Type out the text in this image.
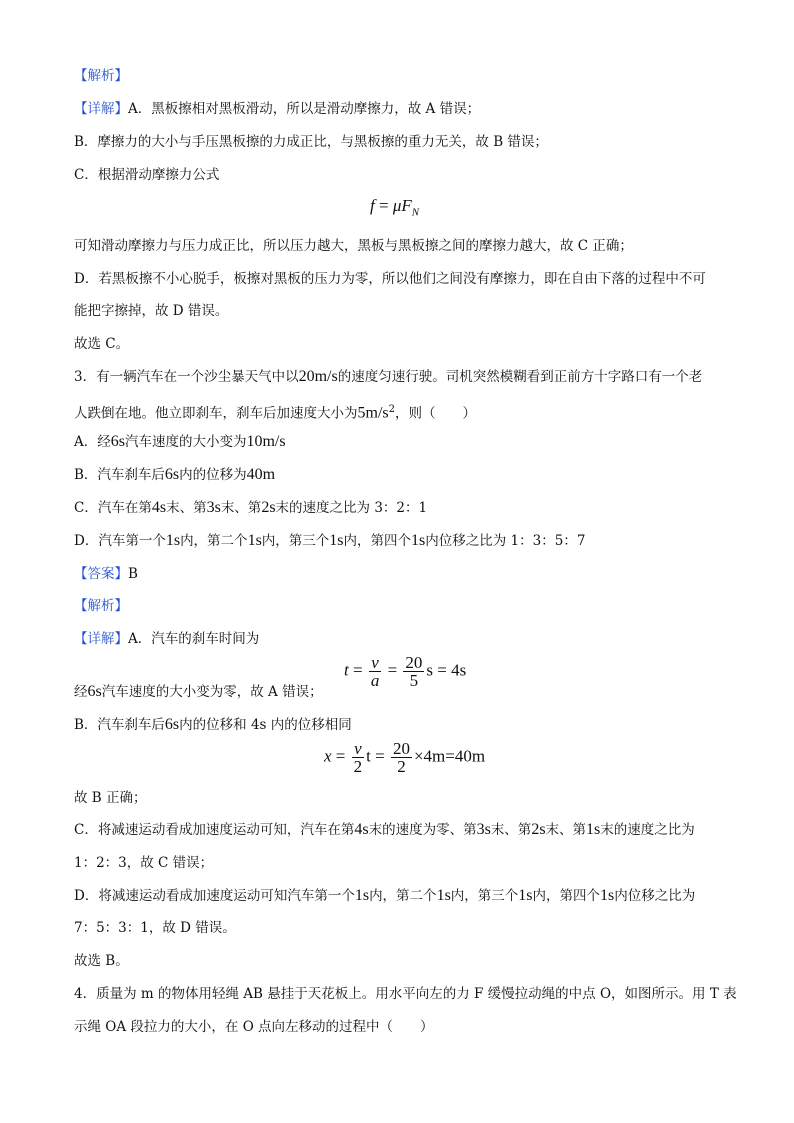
【解析】
【详解】A．黑板擦相对黑板滑动，所以是滑动摩擦力，故 A 错误；
B．摩擦力的大小与手压黑板擦的力成正比，与黑板擦的重力无关，故 B 错误；
C．根据滑动摩擦力公式
$f = \mu F_N$
可知滑动摩擦力与压力成正比，所以压力越大，黑板与黑板擦之间的摩擦力越大，故 C 正确；
D．若黑板擦不小心脱手，板擦对黑板的压力为零，所以他们之间没有摩擦力，即在自由下落的过程中不可
能把字擦掉，故 D 错误。
故选 C。
3．有一辆汽车在一个沙尘暴天气中以20m/s的速度匀速行驶。司机突然模糊看到正前方十字路口有一个老
人跌倒在地。他立即刹车，刹车后加速度大小为$5m/s^2$，则（　　）
A．经6s汽车速度的大小变为10m/s
B．汽车刹车后6s内的位移为40m
C．汽车在第4s末、第3s末、第2s末的速度之比为 3：2：1
D．汽车第一个1s内，第二个1s内，第三个1s内，第四个1s内位移之比为 1：3：5：7
【答案】B
【解析】
【详解】A．汽车的刹车时间为
$t = \frac{v}{a} = \frac{20}{5}$ s = 4s
经6s汽车速度的大小变为零，故 A 错误；
B．汽车刹车后6s内的位移和 4s 内的位移相同
$x = \frac{v}{2}$ $t = \frac{20}{2} \times 4m=40m$
故 B 正确；
C．将减速运动看成加速度运动可知，汽车在第4s末的速度为零、第3s末、第2s末、第1s末的速度之比为
1：2：3，故 C 错误；
D．将减速运动看成加速度运动可知汽车第一个1s内，第二个1s内，第三个1s内，第四个1s内位移之比为
7：5：3：1，故 D 错误。
故选 B。
4．质量为 m 的物体用轻绳 AB 悬挂于天花板上。用水平向左的力 F 缓慢拉动绳的中点 O，如图所示。用 T 表
示绳 OA 段拉力的大小，在 O 点向左移动的过程中（　　）
